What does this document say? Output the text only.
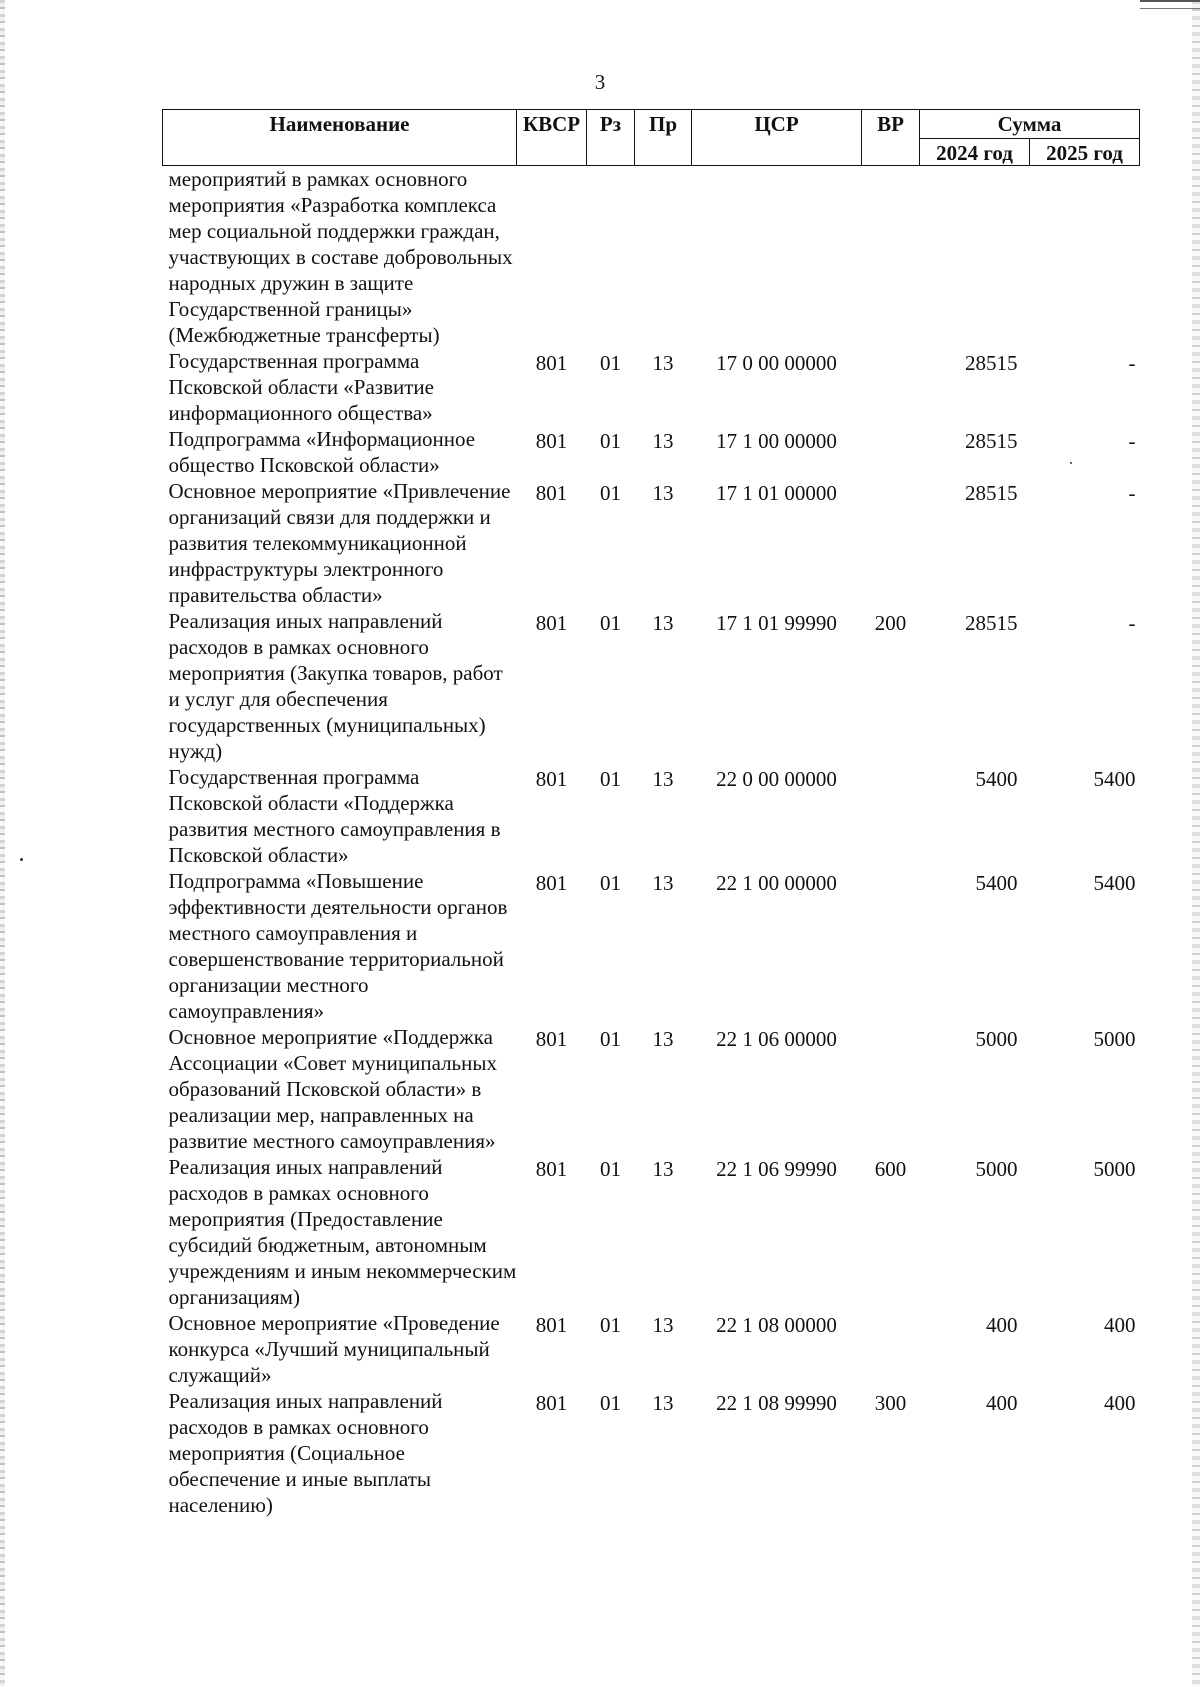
3
Наименование	КВСР	Рз	Пр	ЦСР	ВР	Сумма	
						2024 год	2025 год
мероприятий в рамках основного мероприятия «Разработка комплекса мер социальной поддержки граждан, участвующих в составе добровольных народных дружин в защите Государственной границы» (Межбюджетные трансферты)							
Государственная программа Псковской области «Развитие информационного общества»	801	01	13	17 0 00 00000		28515	-
Подпрограмма «Информационное общество Псковской области»	801	01	13	17 1 00 00000		28515	-
Основное мероприятие «Привлечение организаций связи для поддержки и развития телекоммуникационной инфраструктуры электронного правительства области»	801	01	13	17 1 01 00000		28515	-
Реализация иных направлений расходов в рамках основного мероприятия (Закупка товаров, работ и услуг для обеспечения государственных (муниципальных) нужд)	801	01	13	17 1 01 99990	200	28515	-
Государственная программа Псковской области «Поддержка развития местного самоуправления в Псковской области»	801	01	13	22 0 00 00000		5400	5400
Подпрограмма «Повышение эффективности деятельности органов местного самоуправления и совершенствование территориальной организации местного самоуправления»	801	01	13	22 1 00 00000		5400	5400
Основное мероприятие «Поддержка Ассоциации «Совет муниципальных образований Псковской области» в реализации мер, направленных на развитие местного самоуправления»	801	01	13	22 1 06 00000		5000	5000
Реализация иных направлений расходов в рамках основного мероприятия (Предоставление субсидий бюджетным, автономным учреждениям и иным некоммерческим организациям)	801	01	13	22 1 06 99990	600	5000	5000
Основное мероприятие «Проведение конкурса «Лучший муниципальный служащий»	801	01	13	22 1 08 00000		400	400
Реализация иных направлений расходов в рамках основного мероприятия (Социальное обеспечение и иные выплаты населению)	801	01	13	22 1 08 99990	300	400	400
